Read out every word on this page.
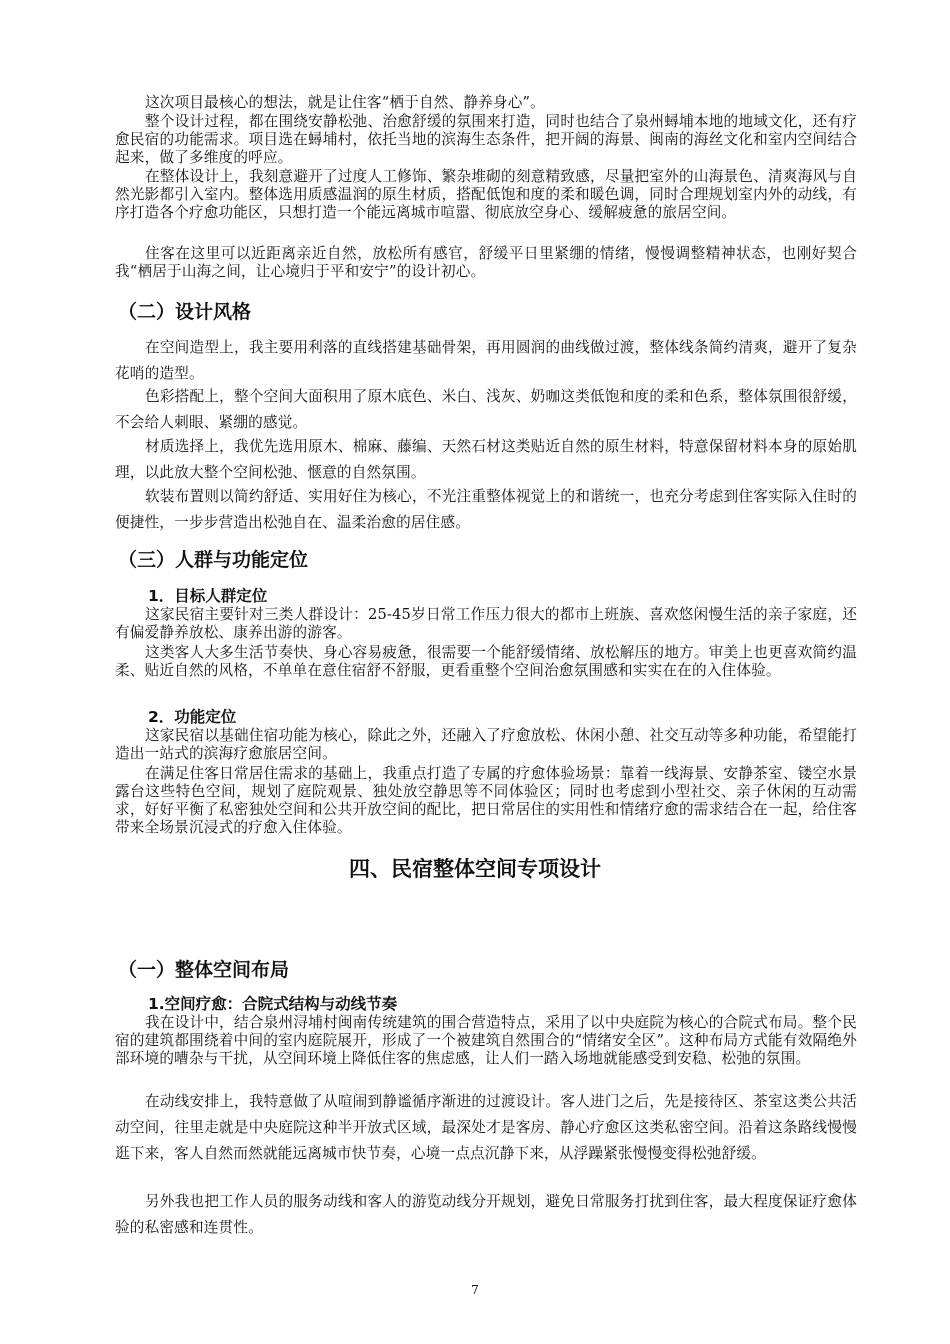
这次项目最核心的想法，就是让住客“栖于自然、静养身心”。

整个设计过程，都在围绕安静松弛、治愈舒缓的氛围来打造，同时也结合了泉州蟳埔本地的地域文化，还有疗愈民宿的功能需求。项目选在蟳埔村，依托当地的滨海生态条件，把开阔的海景、闽南的海丝文化和室内空间结合起来，做了多维度的呼应。

在整体设计上，我刻意避开了过度人工修饰、繁杂堆砌的刻意精致感，尽量把室外的山海景色、清爽海风与自然光影都引入室内。整体选用质感温润的原生材质，搭配低饱和度的柔和暖色调，同时合理规划室内外的动线，有序打造各个疗愈功能区，只想打造一个能远离城市喧嚣、彻底放空身心、缓解疲惫的旅居空间。

住客在这里可以近距离亲近自然，放松所有感官，舒缓平日里紧绷的情绪，慢慢调整精神状态，也刚好契合我“栖居于山海之间，让心境归于平和安宁”的设计初心。

（二）设计风格

在空间造型上，我主要用利落的直线搭建基础骨架，再用圆润的曲线做过渡，整体线条简约清爽，避开了复杂花哨的造型。

色彩搭配上，整个空间大面积用了原木底色、米白、浅灰、奶咖这类低饱和度的柔和色系，整体氛围很舒缓，不会给人刺眼、紧绷的感觉。

材质选择上，我优先选用原木、棉麻、藤编、天然石材这类贴近自然的原生材料，特意保留材料本身的原始肌理，以此放大整个空间松弛、惬意的自然氛围。

软装布置则以简约舒适、实用好住为核心，不光注重整体视觉上的和谐统一，也充分考虑到住客实际入住时的便捷性，一步步营造出松弛自在、温柔治愈的居住感。

（三）人群与功能定位
1．目标人群定位

这家民宿主要针对三类人群设计：25-45岁日常工作压力很大的都市上班族、喜欢悠闲慢生活的亲子家庭，还有偏爱静养放松、康养出游的游客。

这类客人大多生活节奏快、身心容易疲惫，很需要一个能舒缓情绪、放松解压的地方。审美上也更喜欢简约温柔、贴近自然的风格，不单单在意住宿舒不舒服，更看重整个空间治愈氛围感和实实在在的入住体验。

2．功能定位

这家民宿以基础住宿功能为核心，除此之外，还融入了疗愈放松、休闲小憩、社交互动等多种功能，希望能打造出一站式的滨海疗愈旅居空间。

在满足住客日常居住需求的基础上，我重点打造了专属的疗愈体验场景：靠着一线海景、安静茶室、镂空水景露台这些特色空间，规划了庭院观景、独处放空静思等不同体验区；同时也考虑到小型社交、亲子休闲的互动需求，好好平衡了私密独处空间和公共开放空间的配比，把日常居住的实用性和情绪疗愈的需求结合在一起，给住客带来全场景沉浸式的疗愈入住体验。

四、民宿整体空间专项设计
（一）整体空间布局
1.空间疗愈：合院式结构与动线节奏

我在设计中，结合泉州浔埔村闽南传统建筑的围合营造特点，采用了以中央庭院为核心的合院式布局。整个民宿的建筑都围绕着中间的室内庭院展开，形成了一个被建筑自然围合的“情绪安全区”。这种布局方式能有效隔绝外部环境的嘈杂与干扰，从空间环境上降低住客的焦虑感，让人们一踏入场地就能感受到安稳、松弛的氛围。

在动线安排上，我特意做了从喧闹到静谧循序渐进的过渡设计。客人进门之后，先是接待区、茶室这类公共活动空间，往里走就是中央庭院这种半开放式区域，最深处才是客房、静心疗愈区这类私密空间。沿着这条路线慢慢逛下来，客人自然而然就能远离城市快节奏，心境一点点沉静下来，从浮躁紧张慢慢变得松弛舒缓。

另外我也把工作人员的服务动线和客人的游览动线分开规划，避免日常服务打扰到住客，最大程度保证疗愈体验的私密感和连贯性。

7
